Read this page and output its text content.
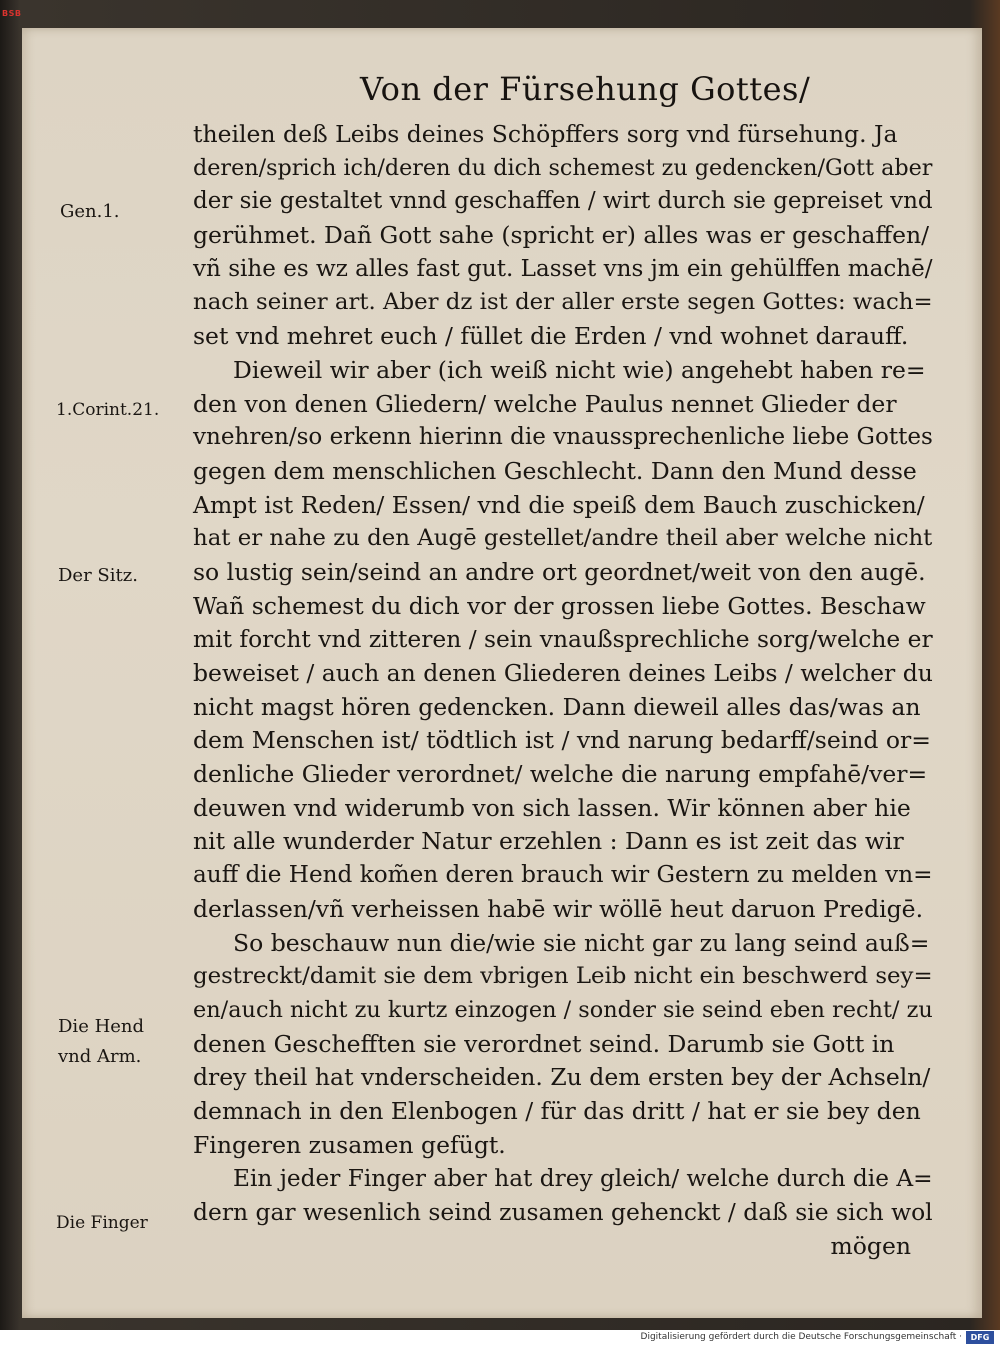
BSB
Von der Fürsehung Gottes/
Gen.1.
1.Corint.21.
Der Sitz.
Die Hend
vnd Arm.
Die Finger
theilen deß Leibs deines Schöpffers sorg vnd fürsehung. Ja
deren/sprich ich/deren du dich schemest zu gedencken/Gott aber
der sie gestaltet vnnd geschaffen / wirt durch sie gepreiset vnd
gerühmet. Dañ Gott sahe (spricht er) alles was er geschaffen/
vñ sihe es wz alles fast gut. Lasset vns jm ein gehülffen machē/
nach seiner art. Aber dz ist der aller erste segen Gottes: wach=
set vnd mehret euch / füllet die Erden / vnd wohnet darauff.
Dieweil wir aber (ich weiß nicht wie) angehebt haben re=
den von denen Gliedern/ welche Paulus nennet Glieder der
vnehren/so erkenn hierinn die vnaussprechenliche liebe Gottes
gegen dem menschlichen Geschlecht. Dann den Mund desse
Ampt ist Reden/ Essen/ vnd die speiß dem Bauch zuschicken/
hat er nahe zu den Augē gestellet/andre theil aber welche nicht
so lustig sein/seind an andre ort geordnet/weit von den augē.
Wañ schemest du dich vor der grossen liebe Gottes. Beschaw
mit forcht vnd zitteren / sein vnaußsprechliche sorg/welche er
beweiset / auch an denen Gliederen deines Leibs / welcher du
nicht magst hören gedencken. Dann dieweil alles das/was an
dem Menschen ist/ tödtlich ist / vnd narung bedarff/seind or=
denliche Glieder verordnet/ welche die narung empfahē/ver=
deuwen vnd widerumb von sich lassen. Wir können aber hie
nit alle wunderder Natur erzehlen : Dann es ist zeit das wir
auff die Hend kom̃en deren brauch wir Gestern zu melden vn=
derlassen/vñ verheissen habē wir wöllē heut daruon Predigē.
So beschauw nun die/wie sie nicht gar zu lang seind auß=
gestreckt/damit sie dem vbrigen Leib nicht ein beschwerd sey=
en/auch nicht zu kurtz einzogen / sonder sie seind eben recht/ zu
denen Geschefften sie verordnet seind. Darumb sie Gott in
drey theil hat vnderscheiden. Zu dem ersten bey der Achseln/
demnach in den Elenbogen / für das dritt / hat er sie bey den
Fingeren zusamen gefügt.
Ein jeder Finger aber hat drey gleich/ welche durch die A=
dern gar wesenlich seind zusamen gehenckt / daß sie sich wol
mögen
Digitalisierung gefördert durch die Deutsche Forschungsgemeinschaft ·	DFG
